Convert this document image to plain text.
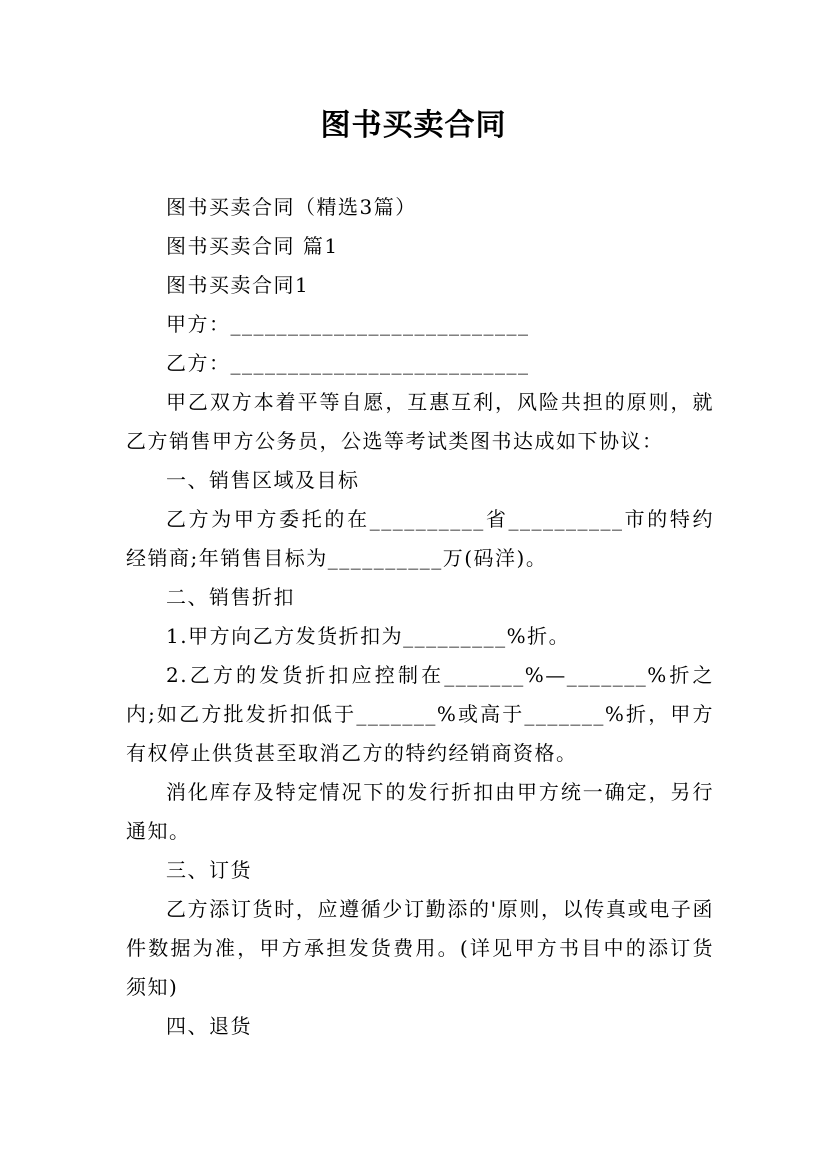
图书买卖合同

图书买卖合同（精选3篇）

图书买卖合同 篇1

图书买卖合同1

甲方：__________________________

乙方：__________________________

甲乙双方本着平等自愿，互惠互利，风险共担的原则，就乙方销售甲方公务员，公选等考试类图书达成如下协议：

一、销售区域及目标

乙方为甲方委托的在__________省__________市的特约经销商;年销售目标为__________万(码洋)。

二、销售折扣

1.甲方向乙方发货折扣为_________%折。

2.乙方的发货折扣应控制在_______%—_______%折之内;如乙方批发折扣低于_______%或高于_______%折，甲方有权停止供货甚至取消乙方的特约经销商资格。

消化库存及特定情况下的发行折扣由甲方统一确定，另行通知。

三、订货

乙方添订货时，应遵循少订勤添的'原则，以传真或电子函件数据为准，甲方承担发货费用。(详见甲方书目中的添订货须知)

四、退货
